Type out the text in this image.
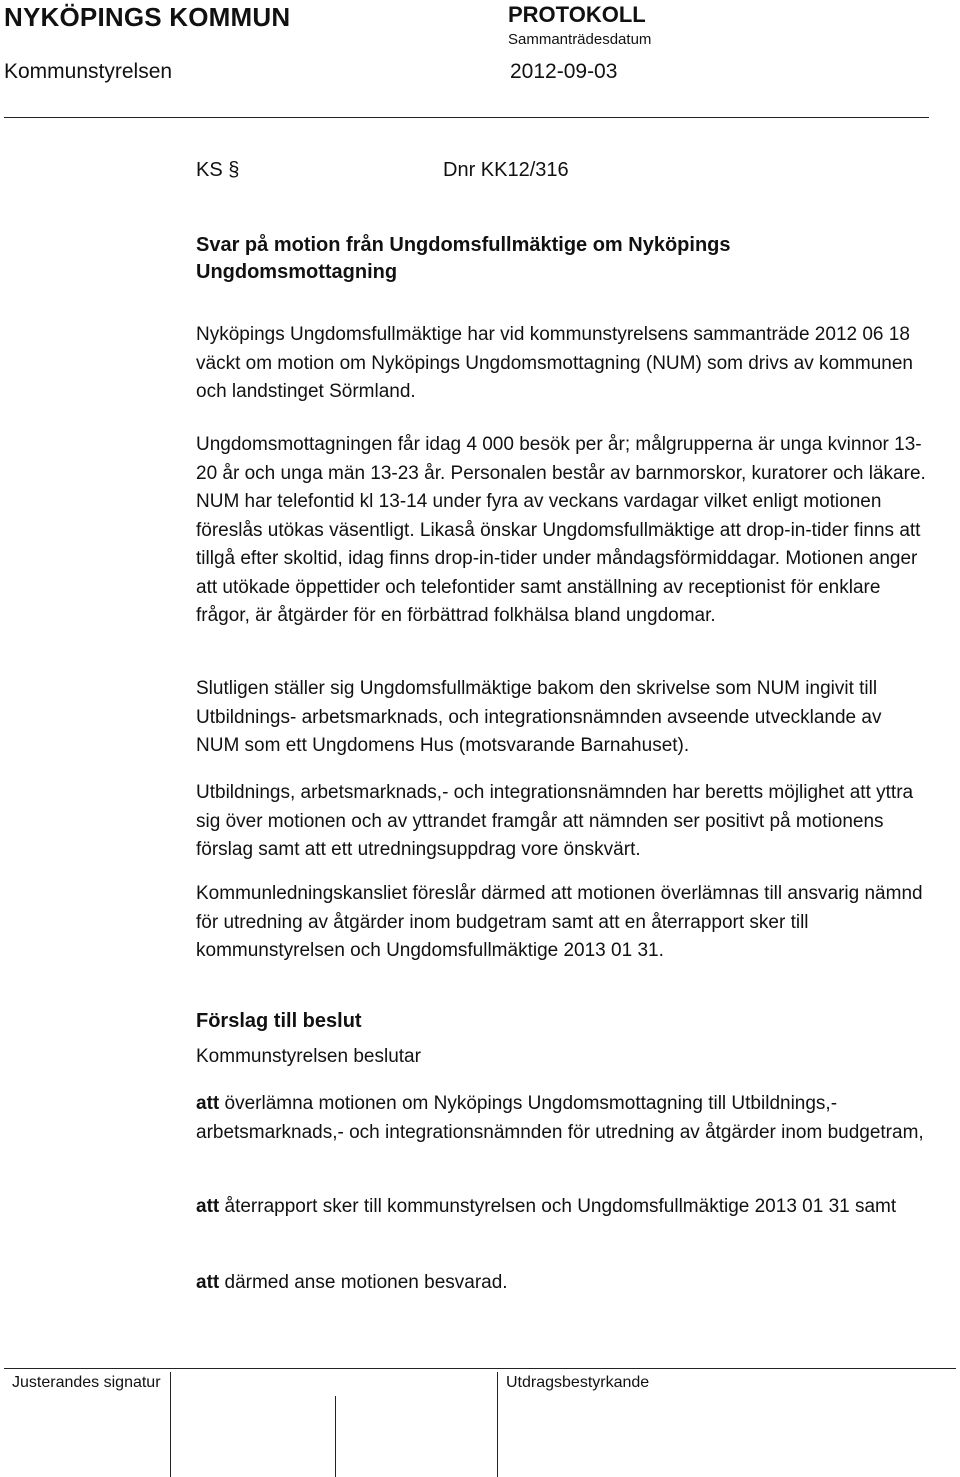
NYKÖPINGS KOMMUN	PROTOKOLL
Sammanträdesdatum
Kommunstyrelsen	2012-09-03
KS §	Dnr KK12/316
Svar på motion från Ungdomsfullmäktige om Nyköpings Ungdomsmottagning

Nyköpings Ungdomsfullmäktige har vid kommunstyrelsens sammanträde 2012 06 18 väckt om motion om Nyköpings Ungdomsmottagning (NUM) som drivs av kommunen och landstinget Sörmland.

Ungdomsmottagningen får idag 4 000 besök per år; målgrupperna är unga kvinnor 13-20 år och unga män 13-23 år. Personalen består av barnmorskor, kuratorer och läkare. NUM har telefontid kl 13-14 under fyra av veckans vardagar vilket enligt motionen föreslås utökas väsentligt. Likaså önskar Ungdomsfullmäktige att drop-in-tider finns att tillgå efter skoltid, idag finns drop-in-tider under måndagsförmiddagar. Motionen anger att utökade öppettider och telefontider samt anställning av receptionist för enklare frågor, är åtgärder för en förbättrad folkhälsa bland ungdomar.

Slutligen ställer sig Ungdomsfullmäktige bakom den skrivelse som NUM ingivit till Utbildnings- arbetsmarknads, och integrationsnämnden avseende utvecklande av NUM som ett Ungdomens Hus (motsvarande Barnahuset).

Utbildnings, arbetsmarknads,- och integrationsnämnden har beretts möjlighet att yttra sig över motionen och av yttrandet framgår att nämnden ser positivt på motionens förslag samt att ett utredningsuppdrag vore önskvärt.

Kommunledningskansliet föreslår därmed att motionen överlämnas till ansvarig nämnd för utredning av åtgärder inom budgetram samt att en återrapport sker till kommunstyrelsen och Ungdomsfullmäktige 2013 01 31.

Förslag till beslut
Kommunstyrelsen beslutar
att överlämna motionen om Nyköpings Ungdomsmottagning till Utbildnings,- arbetsmarknads,- och integrationsnämnden för utredning av åtgärder inom budgetram,
att återrapport sker till kommunstyrelsen och Ungdomsfullmäktige 2013 01 31 samt
att därmed anse motionen besvarad.
Justerandes signatur	Utdragsbestyrkande
